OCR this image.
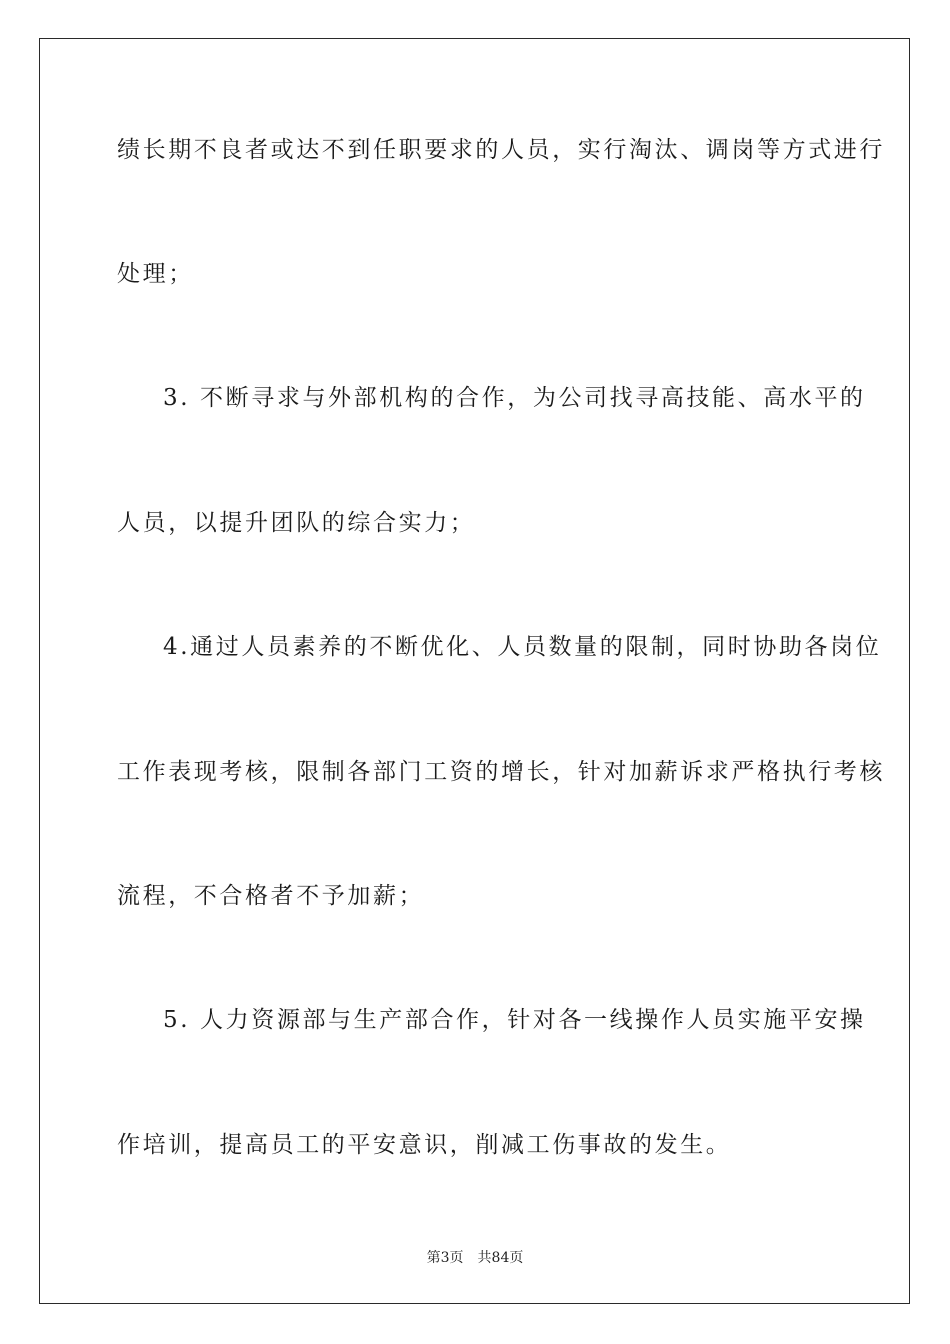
绩长期不良者或达不到任职要求的人员，实行淘汰、调岗等方式进行
处理；
3. 不断寻求与外部机构的合作，为公司找寻高技能、高水平的
人员，以提升团队的综合实力；
4.通过人员素养的不断优化、人员数量的限制，同时协助各岗位
工作表现考核，限制各部门工资的增长，针对加薪诉求严格执行考核
流程，不合格者不予加薪；
5. 人力资源部与生产部合作，针对各一线操作人员实施平安操
作培训，提高员工的平安意识，削减工伤事故的发生。
第3页 共84页
